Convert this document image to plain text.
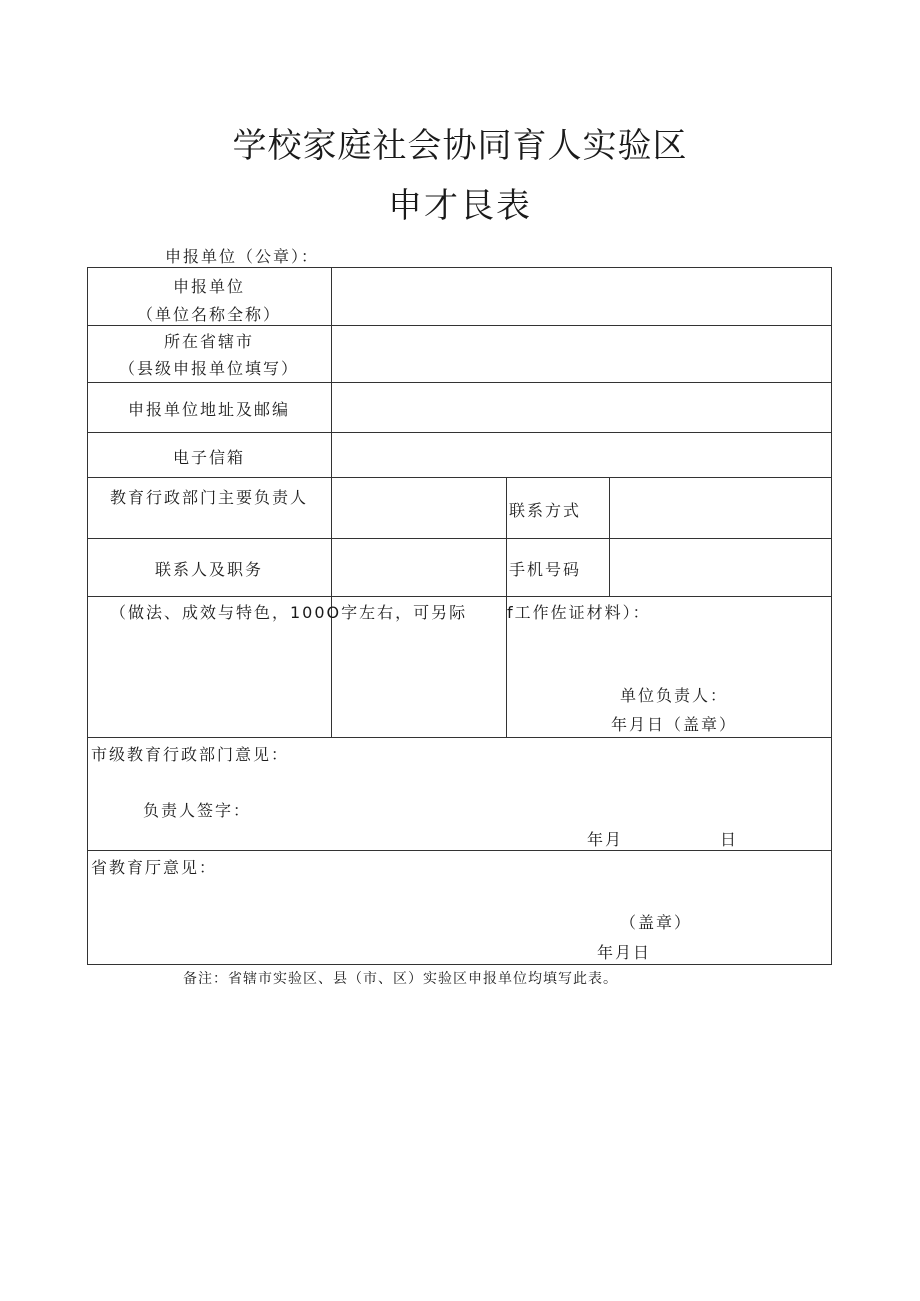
学校家庭社会协同育人实验区
申才艮表
申报单位（公章）：
申报单位
（单位名称全称）
所在省辖市
（县级申报单位填写）
申报单位地址及邮编
电子信箱
教育行政部门主要负责人
联系方式
联系人及职务	手机号码
（做法、成效与特色，100O字左右，可另际 f工作佐证材料）：
单位负责人：
年月日（盖章）
市级教育行政部门意见：
负责人签字：
年月	日
省教育厅意见：
（盖章）
年月日
备注：省辖市实验区、县（市、区）实验区申报单位均填写此表。
